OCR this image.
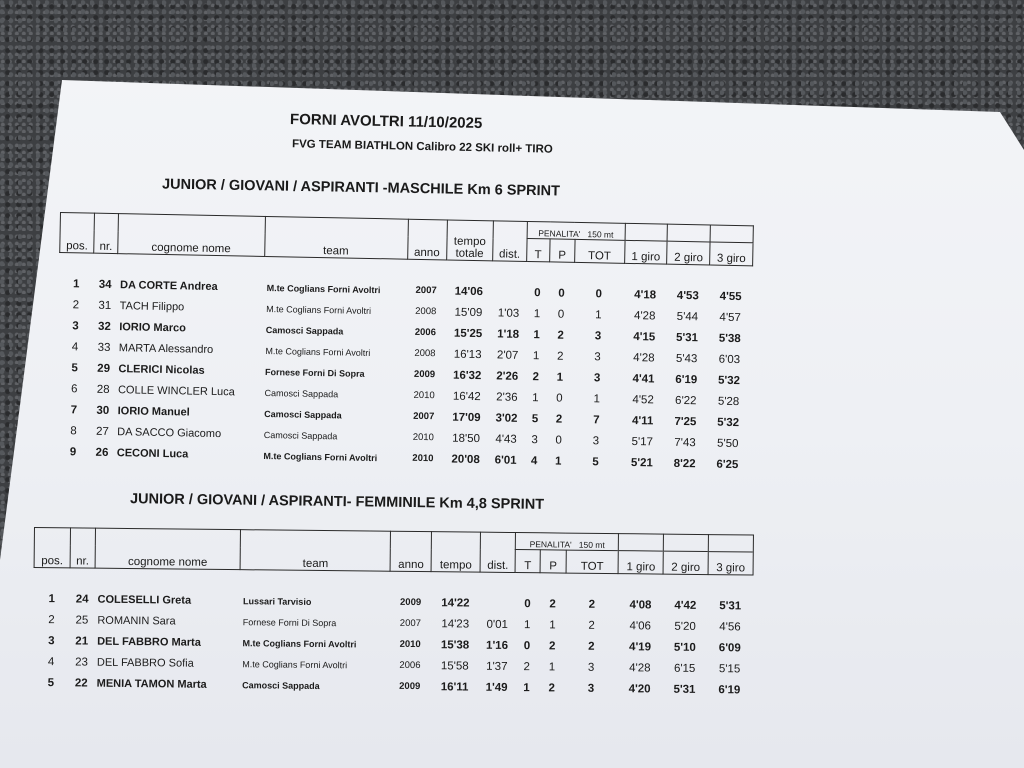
FORNI AVOLTRI 11/10/2025
FVG TEAM BIATHLON Calibro 22 SKI roll+ TIRO
JUNIOR / GIOVANI / ASPIRANTI -MASCHILE Km 6 SPRINT
pos.	nr.	cognome nome	team	anno	tempo
totale	dist.	PENALITA' 150 mt					
							T	P	TOT	1 giro	2 giro	3 giro

1	34	DA CORTE Andrea	M.te Coglians Forni Avoltri	2007	14'06		0	0	0	4'18	4'53	4'55
2	31	TACH Filippo	M.te Coglians Forni Avoltri	2008	15'09	1'03	1	0	1	4'28	5'44	4'57
3	32	IORIO Marco	Camosci Sappada	2006	15'25	1'18	1	2	3	4'15	5'31	5'38
4	33	MARTA Alessandro	M.te Coglians Forni Avoltri	2008	16'13	2'07	1	2	3	4'28	5'43	6'03
5	29	CLERICI Nicolas	Fornese Forni Di Sopra	2009	16'32	2'26	2	1	3	4'41	6'19	5'32
6	28	COLLE WINCLER Luca	Camosci Sappada	2010	16'42	2'36	1	0	1	4'52	6'22	5'28
7	30	IORIO Manuel	Camosci Sappada	2007	17'09	3'02	5	2	7	4'11	7'25	5'32
8	27	DA SACCO Giacomo	Camosci Sappada	2010	18'50	4'43	3	0	3	5'17	7'43	5'50
9	26	CECONI Luca	M.te Coglians Forni Avoltri	2010	20'08	6'01	4	1	5	5'21	8'22	6'25
JUNIOR / GIOVANI / ASPIRANTI- FEMMINILE Km 4,8 SPRINT
pos.	nr.	cognome nome	team	anno	tempo	dist.	PENALITA' 150 mt					
							T	P	TOT	1 giro	2 giro	3 giro

1	24	COLESELLI Greta	Lussari Tarvisio	2009	14'22		0	2	2	4'08	4'42	5'31
2	25	ROMANIN Sara	Fornese Forni Di Sopra	2007	14'23	0'01	1	1	2	4'06	5'20	4'56
3	21	DEL FABBRO Marta	M.te Coglians Forni Avoltri	2010	15'38	1'16	0	2	2	4'19	5'10	6'09
4	23	DEL FABBRO Sofia	M.te Coglians Forni Avoltri	2006	15'58	1'37	2	1	3	4'28	6'15	5'15
5	22	MENIA TAMON Marta	Camosci Sappada	2009	16'11	1'49	1	2	3	4'20	5'31	6'19
